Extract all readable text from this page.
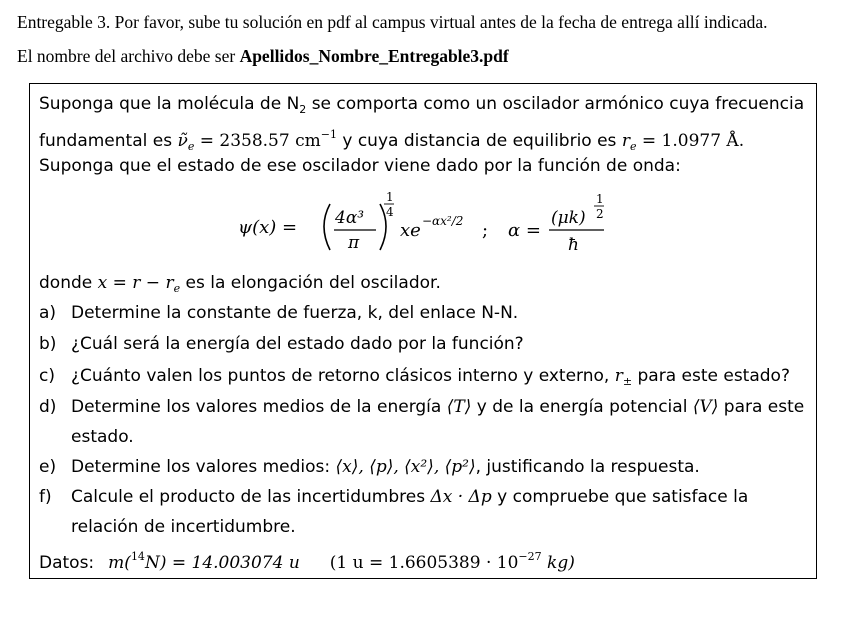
Entregable 3. Por favor, sube tu solución en pdf al campus virtual antes de la fecha de entrega allí indicada.
El nombre del archivo debe ser Apellidos_Nombre_Entregable3.pdf
Suponga que la molécula de $N_2$ se comporta como un oscilador armónico cuya frecuencia
fundamental es $\nũ_e = 2358.57$ $cm^{-1}$ y cuya distancia de equilibrio es $r_e = 1.0977$ Å.
Suponga que el estado de ese oscilador viene dado por la función de onda:
ψ(x) = 4α³
π
1
4
xe −αx²/2 ; α =
(μk)
1
2
ħ
donde $x = r - r_e$ es la elongación del oscilador.
a) Determine la constante de fuerza, k, del enlace N-N.
b) ¿Cuál será la energía del estado dado por la función?
c) ¿Cuánto valen los puntos de retorno clásicos interno y externo, $r_\pm$ para este estado?
d) Determine los valores medios de la energía ⟨T⟩ y de la energía potencial ⟨V⟩ para este
estado.
e) Determine los valores medios: ⟨x⟩, ⟨p⟩, ⟨x²⟩, ⟨p²⟩, justificando la respuesta.
f) Calcule el producto de las incertidumbres Δx · Δp y compruebe que satisface la
relación de incertidumbre.
Datos: m($^{14}$N) = 14.003074 u (1 $u = 1.6605389 \cdot 10^{-27}$ kg)
